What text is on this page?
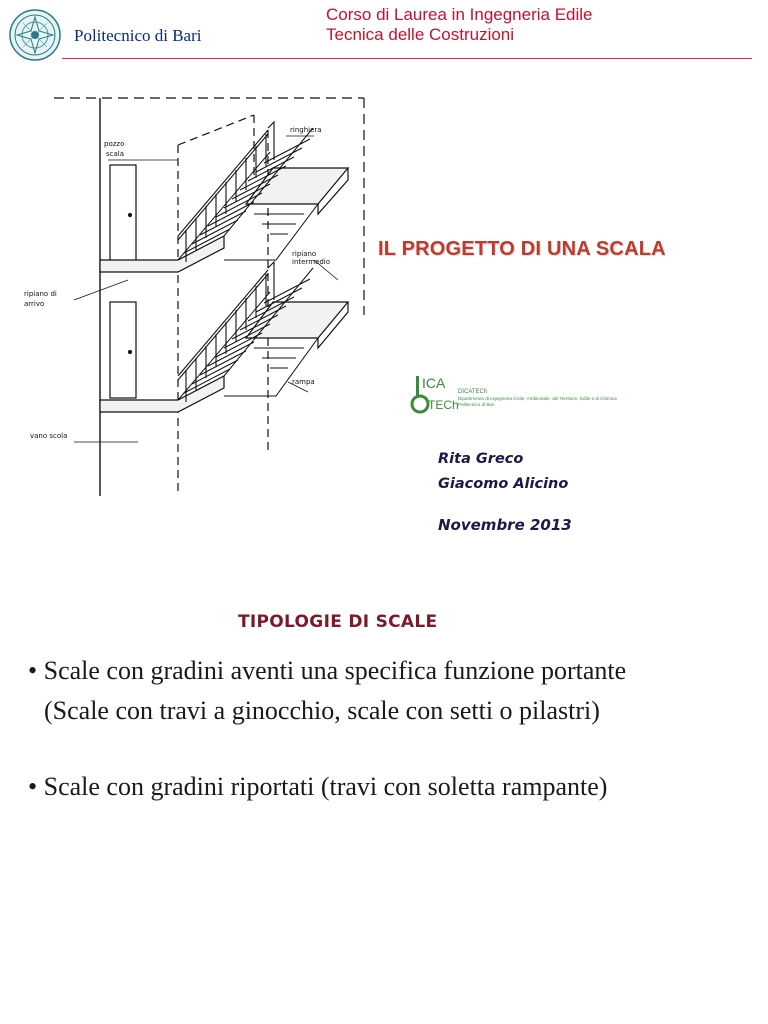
Politecnico di Bari
Corso di Laurea in Ingegneria Edile
Tecnica delle Costruzioni
pozzo
scala
ringhiera
ripiano
intermedio
ripiano di
arrivo
rampa
vano scola
IL PROGETTO DI UNA SCALA
ICA
TECh
DICATECh
Dipartimento di Ingegneria Civile, Ambientale, del Territorio, Edile e di Chimica
Politecnico di Bari
Rita Greco
Giacomo Alicino
Novembre 2013
TIPOLOGIE DI SCALE
• Scale con gradini aventi una specifica funzione portante
(Scale con travi a ginocchio, scale con setti o pilastri)
• Scale con gradini riportati (travi con soletta rampante)
